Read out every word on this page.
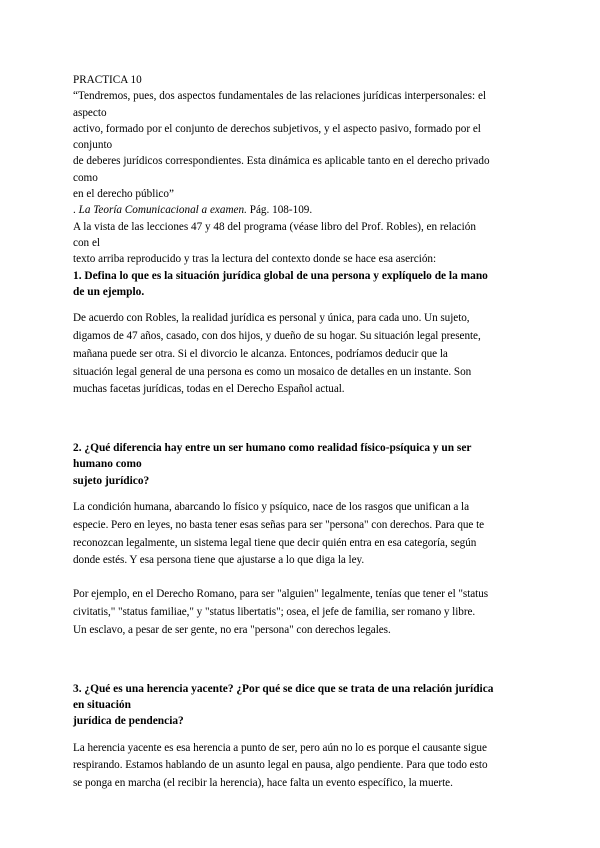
PRACTICA 10
“Tendremos, pues, dos aspectos fundamentales de las relaciones jurídicas interpersonales: el
aspecto
activo, formado por el conjunto de derechos subjetivos, y el aspecto pasivo, formado por el
conjunto
de deberes jurídicos correspondientes. Esta dinámica es aplicable tanto en el derecho privado
como
en el derecho público”
. La Teoría Comunicacional a examen. Pág. 108-109.
A la vista de las lecciones 47 y 48 del programa (véase libro del Prof. Robles), en relación
con el
texto arriba reproducido y tras la lectura del contexto donde se hace esa aserción:
1. Defina lo que es la situación jurídica global de una persona y explíquelo de la mano
de un ejemplo.
De acuerdo con Robles, la realidad jurídica es personal y única, para cada uno. Un sujeto,
digamos de 47 años, casado, con dos hijos, y dueño de su hogar. Su situación legal presente,
mañana puede ser otra. Si el divorcio le alcanza. Entonces, podríamos deducir que la
situación legal general de una persona es como un mosaico de detalles en un instante. Son
muchas facetas jurídicas, todas en el Derecho Español actual.
2. ¿Qué diferencia hay entre un ser humano como realidad físico-psíquica y un ser
humano como
sujeto jurídico?
La condición humana, abarcando lo físico y psíquico, nace de los rasgos que unifican a la
especie. Pero en leyes, no basta tener esas señas para ser "persona" con derechos. Para que te
reconozcan legalmente, un sistema legal tiene que decir quién entra en esa categoría, según
donde estés. Y esa persona tiene que ajustarse a lo que diga la ley.
Por ejemplo, en el Derecho Romano, para ser "alguien" legalmente, tenías que tener el "status
civitatis," "status familiae," y "status libertatis"; osea, el jefe de familia, ser romano y libre.
Un esclavo, a pesar de ser gente, no era "persona" con derechos legales.
3. ¿Qué es una herencia yacente? ¿Por qué se dice que se trata de una relación jurídica
en situación
jurídica de pendencia?
La herencia yacente es esa herencia a punto de ser, pero aún no lo es porque el causante sigue
respirando. Estamos hablando de un asunto legal en pausa, algo pendiente. Para que todo esto
se ponga en marcha (el recibir la herencia), hace falta un evento específico, la muerte.
